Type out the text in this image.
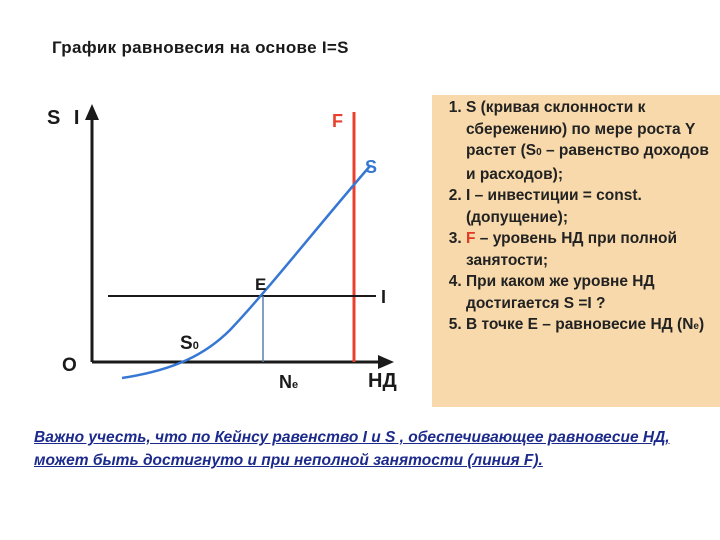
График равновесия на основе I=S
S I	F
S
E
I
O
S0
Ne	НД
1. S (кривая склонности к сбережению) по мере роста Y растет (S0 – равенство доходов и расходов);
2. I – инвестиции = const. (допущение);
3. F – уровень НД при полной занятости;
4. При каком же уровне НД достигается S =I ?
5. В точке Е – равновесие НД (Ne)
Важно учесть, что по Кейнсу равенство I и S , обеспечивающее равновесие НД, может быть достигнуто и при неполной занятости (линия F).
